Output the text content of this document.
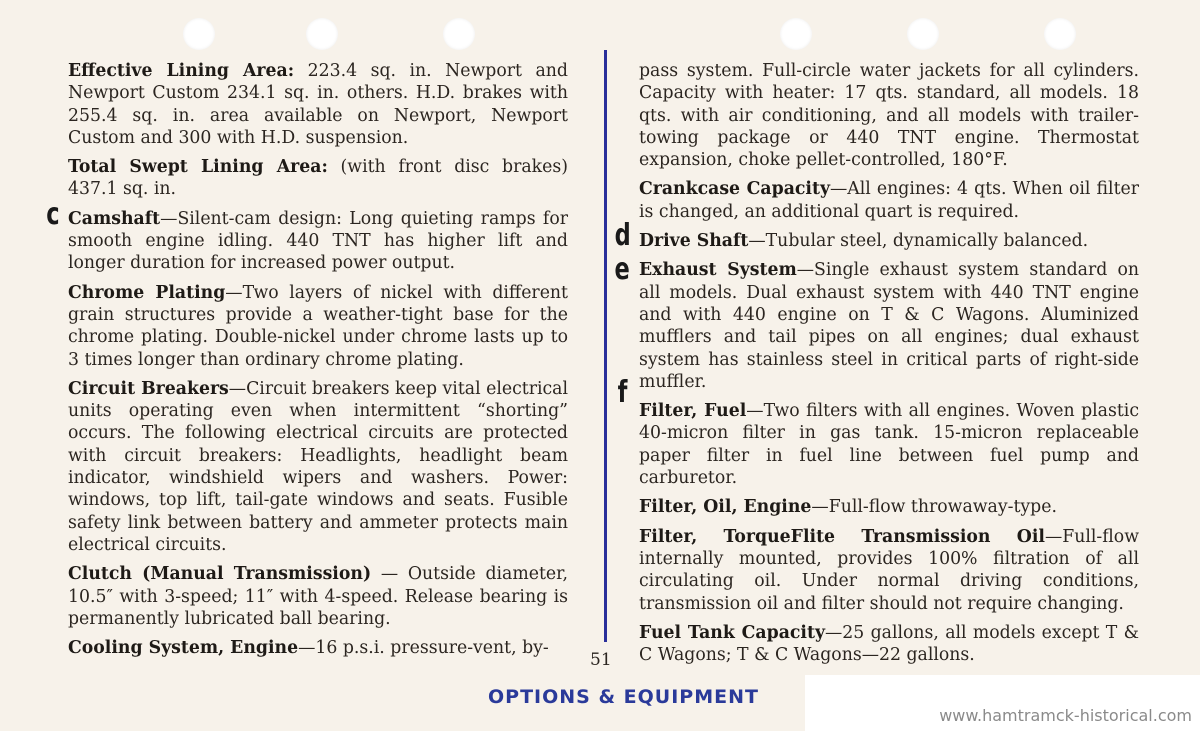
c
d
e
f

Effective Lining Area: 223.4 sq. in. Newport and Newport Custom 234.1 sq. in. others. H.D. brakes with 255.4 sq. in. area available on Newport, Newport Custom and 300 with H.D. suspension.

Total Swept Lining Area: (with front disc brakes) 437.1 sq. in.

Camshaft—Silent-cam design: Long quieting ramps for smooth engine idling. 440 TNT has higher lift and longer duration for increased power output.

Chrome Plating—Two layers of nickel with different grain structures provide a weather-tight base for the chrome plating. Double-nickel under chrome lasts up to 3 times longer than ordinary chrome plating.

Circuit Breakers—Circuit breakers keep vital electrical units operating even when intermittent “shorting” occurs. The following electrical circuits are protected with circuit breakers: Headlights, headlight beam indicator, windshield wipers and washers. Power: windows, top lift, tail-gate windows and seats. Fusible safety link between battery and ammeter protects main electrical circuits.

Clutch (Manual Transmission) — Outside diameter, 10.5″ with 3-speed; 11″ with 4-speed. Release bearing is permanently lubricated ball bearing.

Cooling System, Engine—16 p.s.i. pressure-vent, by-

pass system. Full-circle water jackets for all cylinders. Capacity with heater: 17 qts. standard, all models. 18 qts. with air conditioning, and all models with trailer-towing package or 440 TNT engine. Thermostat expansion, choke pellet-controlled, 180°F.

Crankcase Capacity—All engines: 4 qts. When oil filter is changed, an additional quart is required.

Drive Shaft—Tubular steel, dynamically balanced.

Exhaust System—Single exhaust system standard on all models. Dual exhaust system with 440 TNT engine and with 440 engine on T & C Wagons. Aluminized mufflers and tail pipes on all engines; dual exhaust system has stainless steel in critical parts of right-side muffler.

Filter, Fuel—Two filters with all engines. Woven plastic 40-micron filter in gas tank. 15-micron replaceable paper filter in fuel line between fuel pump and carburetor.

Filter, Oil, Engine—Full-flow throwaway-type.

Filter, TorqueFlite Transmission Oil—Full-flow internally mounted, provides 100% filtration of all circulating oil. Under normal driving conditions, transmission oil and filter should not require changing.

Fuel Tank Capacity—25 gallons, all models except T & C Wagons; T & C Wagons—22 gallons.

51
OPTIONS & EQUIPMENT
www.hamtramck-historical.com
